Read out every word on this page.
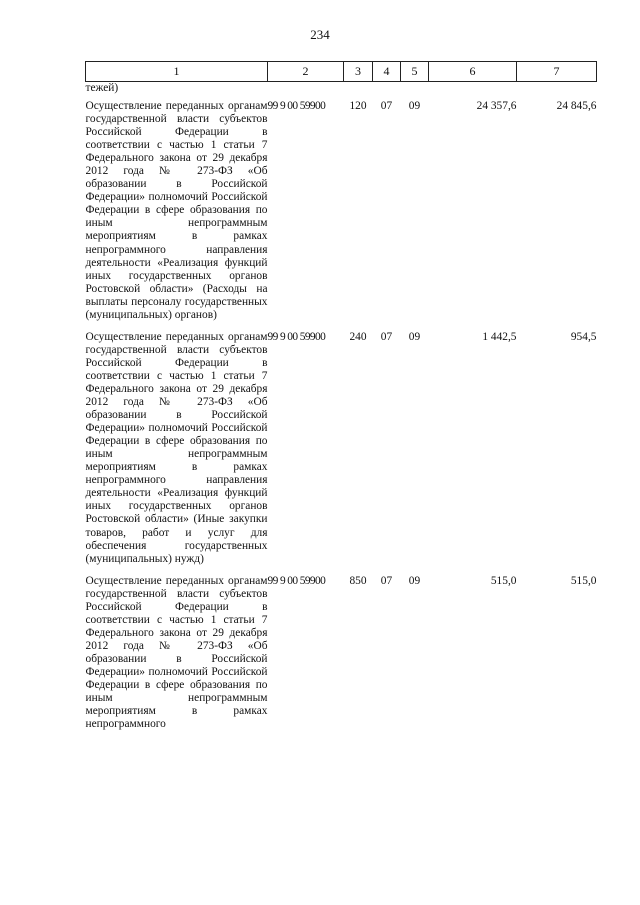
234
1	2	3	4	5	6	7
тежей)						
Осуществление переданных органам государственной власти субъектов Российской Федерации в соответствии с частью 1 статьи 7 Федерального закона от 29 декабря 2012 года № 273-ФЗ «Об образовании в Российской Федерации» полномочий Российской Федерации в сфере образования по иным непрограммным мероприятиям в рамках непрограммного направления деятельности «Реализация функций иных государственных органов Ростовской области» (Расходы на выплаты персоналу государственных (муниципальных) органов)	99 9 00 59900	120	07	09	24 357,6	24 845,6
Осуществление переданных органам государственной власти субъектов Российской Федерации в соответствии с частью 1 статьи 7 Федерального закона от 29 декабря 2012 года № 273-ФЗ «Об образовании в Российской Федерации» полномочий Российской Федерации в сфере образования по иным непрограммным мероприятиям в рамках непрограммного направления деятельности «Реализация функций иных государственных органов Ростовской области» (Иные закупки товаров, работ и услуг для обеспечения государственных (муниципальных) нужд)	99 9 00 59900	240	07	09	1 442,5	954,5
Осуществление переданных органам государственной власти субъектов Российской Федерации в соответствии с частью 1 статьи 7 Федерального закона от 29 декабря 2012 года № 273-ФЗ «Об образовании в Российской Федерации» полномочий Российской Федерации в сфере образования по иным непрограммным мероприятиям в рамках непрограммного	99 9 00 59900	850	07	09	515,0	515,0
